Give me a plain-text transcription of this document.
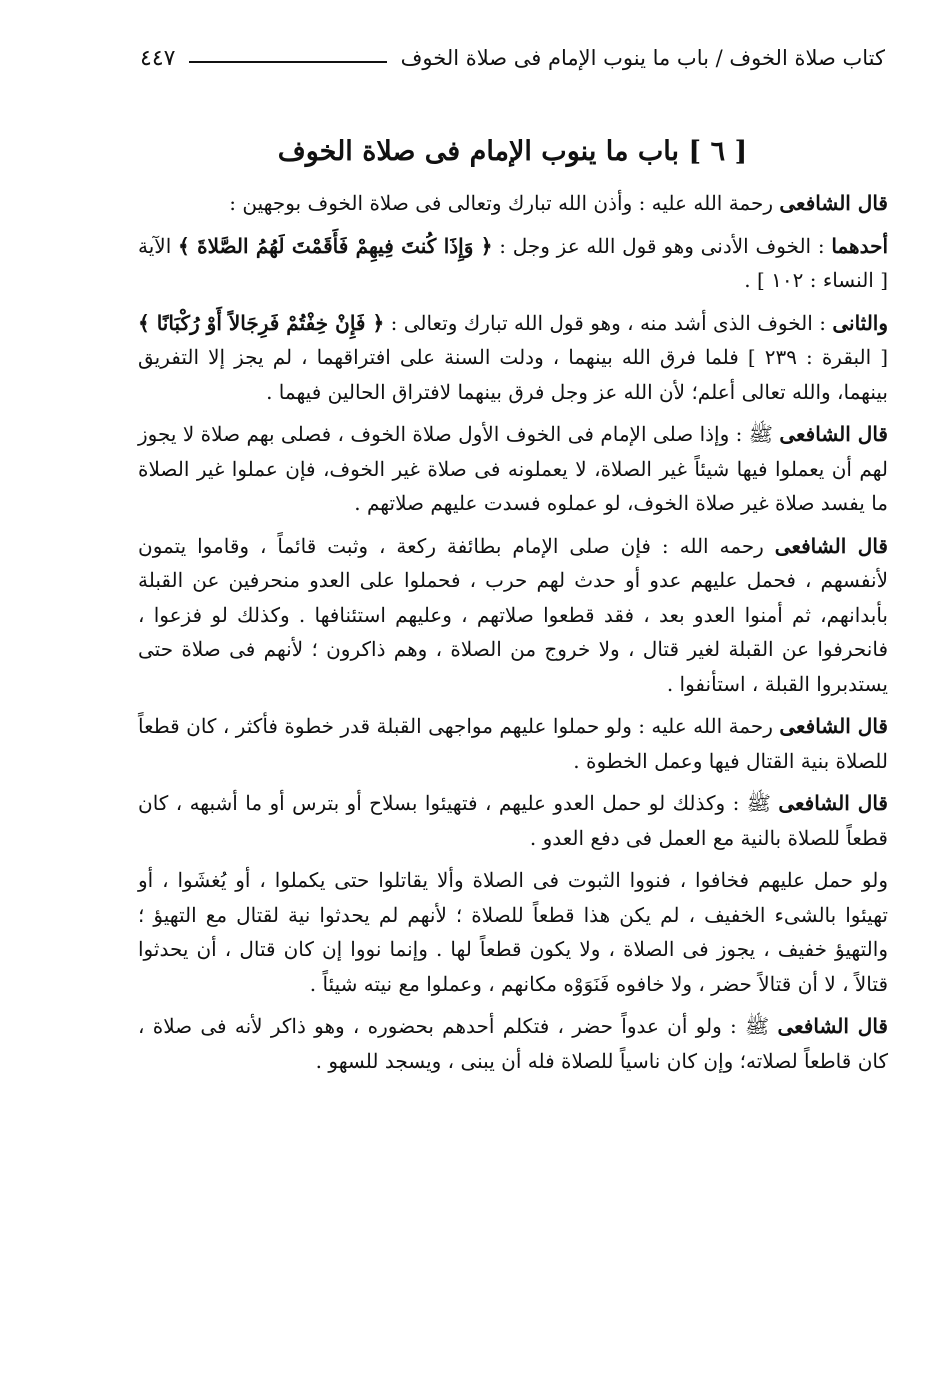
كتاب صلاة الخوف / باب ما ينوب الإمام فى صلاة الخوف
٤٤٧
[ ٦ ] باب ما ينوب الإمام فى صلاة الخوف

قال الشافعى رحمة الله عليه : وأذن الله تبارك وتعالى فى صلاة الخوف بوجهين :

أحدهما : الخوف الأدنى وهو قول الله عز وجل : ﴿ وَإِذَا كُنتَ فِيهِمْ فَأَقَمْتَ لَهُمُ الصَّلاةَ ﴾ الآية [ النساء : ١٠٢ ] .

والثانى : الخوف الذى أشد منه ، وهو قول الله تبارك وتعالى : ﴿ فَإِنْ خِفْتُمْ فَرِجَالاً أَوْ رُكْبَانًا ﴾ [ البقرة : ٢٣٩ ] فلما فرق الله بينهما ، ودلت السنة على افتراقهما ، لم يجز إلا التفريق بينهما، والله تعالى أعلم؛ لأن الله عز وجل فرق بينهما لافتراق الحالين فيهما .

قال الشافعى ﷺ : وإذا صلى الإمام فى الخوف الأول صلاة الخوف ، فصلى بهم صلاة لا يجوز لهم أن يعملوا فيها شيئاً غير الصلاة، لا يعملونه فى صلاة غير الخوف، فإن عملوا غير الصلاة ما يفسد صلاة غير صلاة الخوف، لو عملوه فسدت عليهم صلاتهم .

قال الشافعى رحمه الله : فإن صلى الإمام بطائفة ركعة ، وثبت قائماً ، وقاموا يتمون لأنفسهم ، فحمل عليهم عدو أو حدث لهم حرب ، فحملوا على العدو منحرفين عن القبلة بأبدانهم، ثم أمنوا العدو بعد ، فقد قطعوا صلاتهم ، وعليهم استئنافها . وكذلك لو فزعوا ، فانحرفوا عن القبلة لغير قتال ، ولا خروج من الصلاة ، وهم ذاكرون ؛ لأنهم فى صلاة حتى يستدبروا القبلة ، استأنفوا .

قال الشافعى رحمة الله عليه : ولو حملوا عليهم مواجهى القبلة قدر خطوة فأكثر ، كان قطعاً للصلاة بنية القتال فيها وعمل الخطوة .

قال الشافعى ﷺ : وكذلك لو حمل العدو عليهم ، فتهيئوا بسلاح أو بترس أو ما أشبهه ، كان قطعاً للصلاة بالنية مع العمل فى دفع العدو .

ولو حمل عليهم فخافوا ، فنووا الثبوت فى الصلاة وألا يقاتلوا حتى يكملوا ، أو يُغشَوا ، أو تهيئوا بالشىء الخفيف ، لم يكن هذا قطعاً للصلاة ؛ لأنهم لم يحدثوا نية لقتال مع التهيؤ ؛ والتهيؤ خفيف ، يجوز فى الصلاة ، ولا يكون قطعاً لها . وإنما نووا إن كان قتال ، أن يحدثوا قتالاً ، لا أن قتالاً حضر ، ولا خافوه فَنَوَوْه مكانهم ، وعملوا مع نيته شيئاً .

قال الشافعى ﷺ : ولو أن عدواً حضر ، فتكلم أحدهم بحضوره ، وهو ذاكر لأنه فى صلاة ، كان قاطعاً لصلاته؛ وإن كان ناسياً للصلاة فله أن يبنى ، ويسجد للسهو .
